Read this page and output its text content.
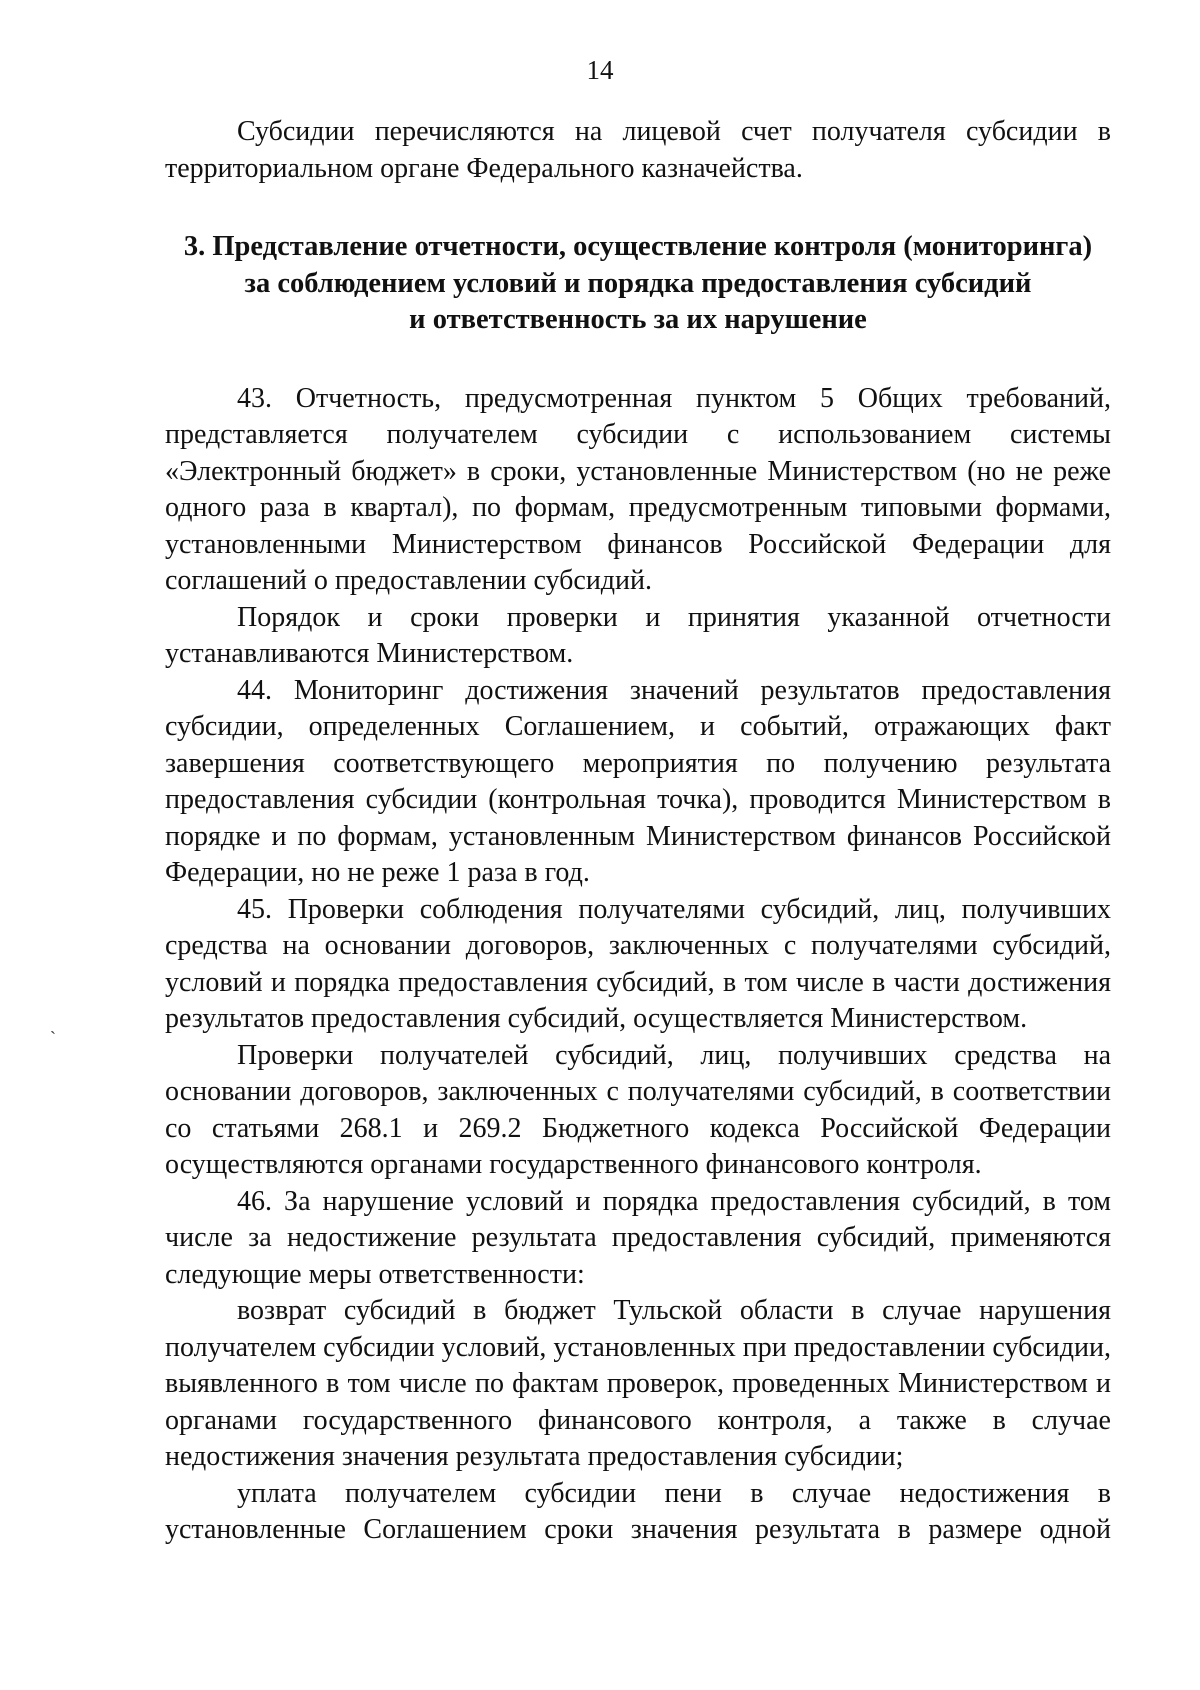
14
ˋ

Субсидии перечисляются на лицевой счет получателя субсидии в территориальном органе Федерального казначейства.

3. Представление отчетности, осуществление контроля (мониторинга)
за соблюдением условий и порядка предоставления субсидий
и ответственность за их нарушение

43. Отчетность, предусмотренная пунктом 5 Общих требований, представляется получателем субсидии с использованием системы «Электронный бюджет» в сроки, установленные Министерством (но не реже одного раза в квартал), по формам, предусмотренным типовыми формами, установленными Министерством финансов Российской Федерации для соглашений о предоставлении субсидий.

Порядок и сроки проверки и принятия указанной отчетности устанавливаются Министерством.

44. Мониторинг достижения значений результатов предоставления субсидии, определенных Соглашением, и событий, отражающих факт завершения соответствующего мероприятия по получению результата предоставления субсидии (контрольная точка), проводится Министерством в порядке и по формам, установленным Министерством финансов Российской Федерации, но не реже 1 раза в год.

45. Проверки соблюдения получателями субсидий, лиц, получивших средства на основании договоров, заключенных с получателями субсидий, условий и порядка предоставления субсидий, в том числе в части достижения результатов предоставления субсидий, осуществляется Министерством.

Проверки получателей субсидий, лиц, получивших средства на основании договоров, заключенных с получателями субсидий, в соответствии со статьями 268.1 и 269.2 Бюджетного кодекса Российской Федерации осуществляются органами государственного финансового контроля.

46. За нарушение условий и порядка предоставления субсидий, в том числе за недостижение результата предоставления субсидий, применяются следующие меры ответственности:

возврат субсидий в бюджет Тульской области в случае нарушения получателем субсидии условий, установленных при предоставлении субсидии, выявленного в том числе по фактам проверок, проведенных Министерством и органами государственного финансового контроля, а также в случае недостижения значения результата предоставления субсидии;

уплата получателем субсидии пени в случае недостижения в установленные Соглашением сроки значения результата в размере одной
